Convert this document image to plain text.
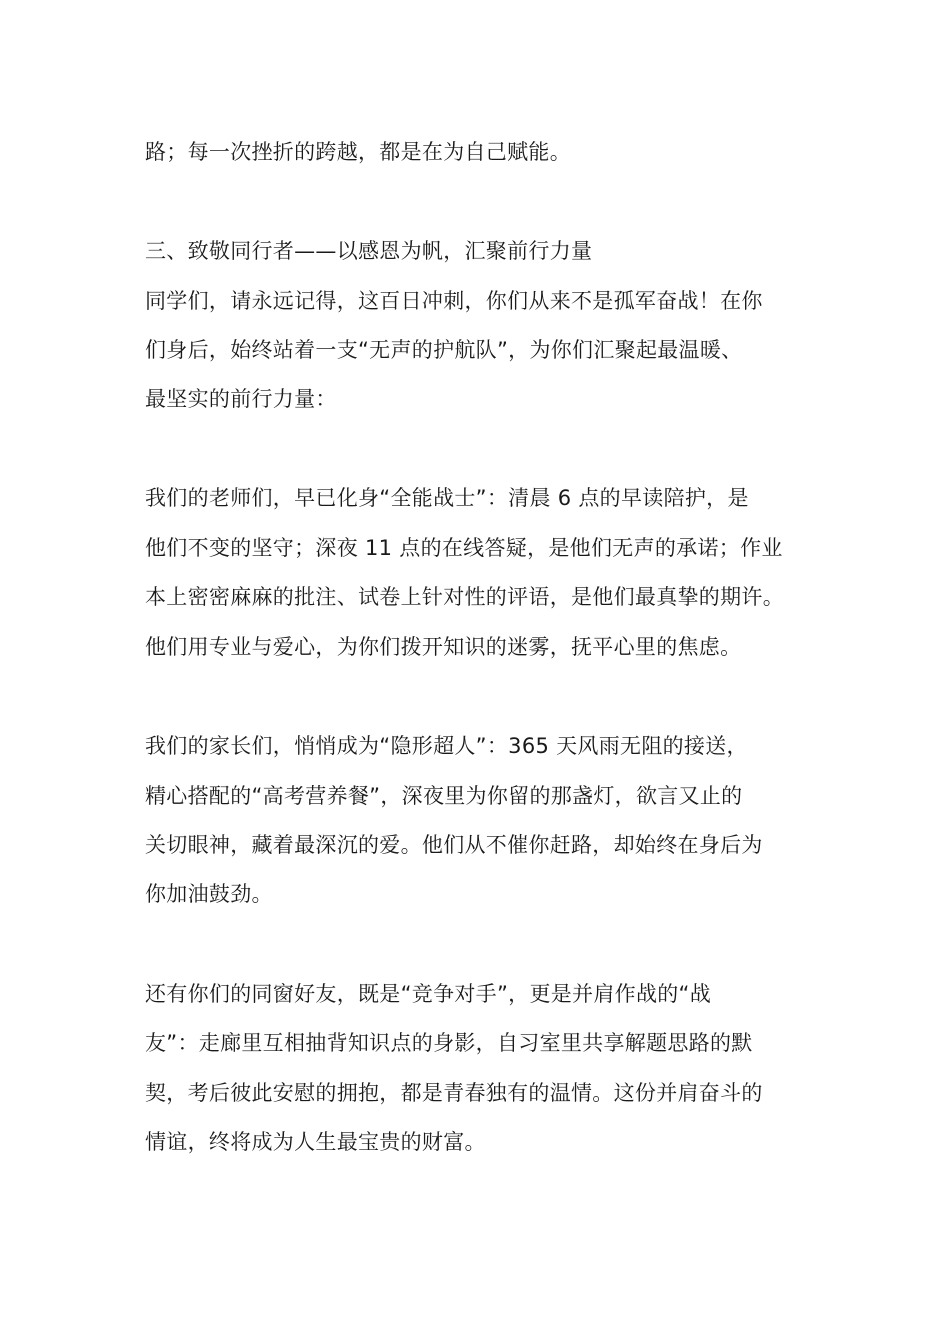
路；每一次挫折的跨越，都是在为自己赋能。
三、致敬同行者——以感恩为帆，汇聚前行力量
同学们，请永远记得，这百日冲刺，你们从来不是孤军奋战！在你
们身后，始终站着一支“无声的护航队”，为你们汇聚起最温暖、
最坚实的前行力量：
我们的老师们，早已化身“全能战士”：清晨 6 点的早读陪护，是
他们不变的坚守；深夜 11 点的在线答疑，是他们无声的承诺；作业
本上密密麻麻的批注、试卷上针对性的评语，是他们最真挚的期许。
他们用专业与爱心，为你们拨开知识的迷雾，抚平心里的焦虑。
我们的家长们，悄悄成为“隐形超人”：365 天风雨无阻的接送，
精心搭配的“高考营养餐”，深夜里为你留的那盏灯，欲言又止的
关切眼神，藏着最深沉的爱。他们从不催你赶路，却始终在身后为
你加油鼓劲。
还有你们的同窗好友，既是“竞争对手”，更是并肩作战的“战
友”：走廊里互相抽背知识点的身影，自习室里共享解题思路的默
契，考后彼此安慰的拥抱，都是青春独有的温情。这份并肩奋斗的
情谊，终将成为人生最宝贵的财富。
